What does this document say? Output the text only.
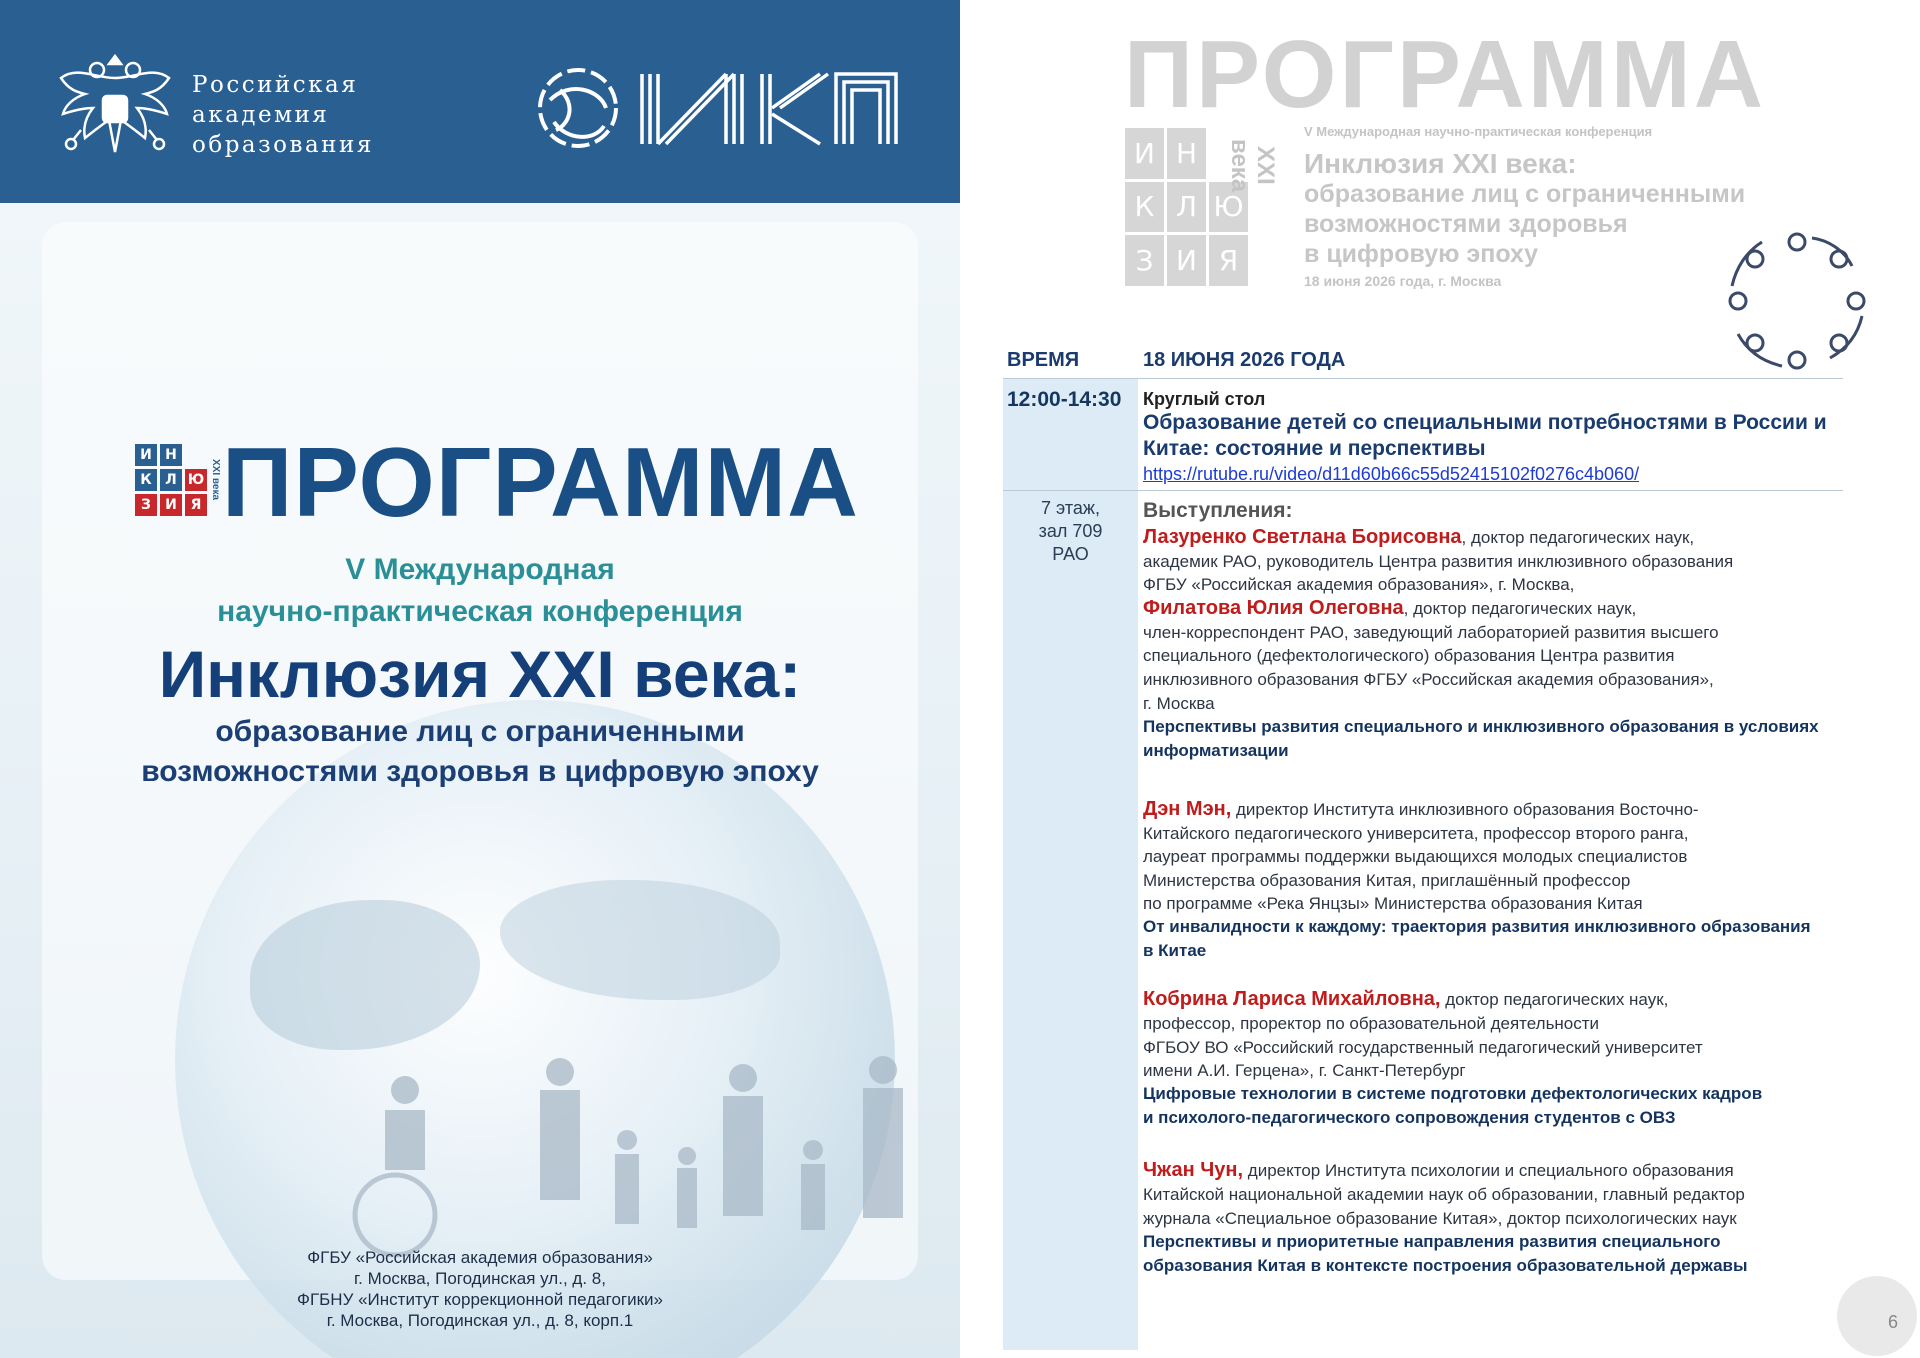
Российская
академия
образования
И Н
К Л Ю
З	И Я
XXI века ПРОГРАММА
V Международная
научно-практическая конференция
Инклюзия XXI века:
образование лиц с ограниченными
возможностями здоровья в цифровую эпоху
ФГБУ «Российская академия образования»
г. Москва, Погодинская ул., д. 8,
ФГБНУ «Институт коррекционной педагогики»
г. Москва, Погодинская ул., д. 8, корп.1
ПРОГРАММА
И Н
К Л Ю
З И Я
XXI века
V Международная научно-практическая конференция
Инклюзия XXI века:
образование лиц с ограниченными
возможностями здоровья
в цифровую эпоху
18 июня 2026 года, г. Москва
ВРЕМЯ	18 ИЮНЯ 2026 ГОДА
12:00-14:30
7 этаж,
зал 709
РАО
Круглый стол
Образование детей со специальными потребностями в России и
Китае: состояние и перспективы
https://rutube.ru/video/d11d60b66c55d52415102f0276c4b060/
Выступления:
Лазуренко Светлана Борисовна, доктор педагогических наук,
академик РАО, руководитель Центра развития инклюзивного образования
ФГБУ «Российская академия образования», г. Москва,
Филатова Юлия Олеговна, доктор педагогических наук,
член-корреспондент РАО, заведующий лабораторией развития высшего
специального (дефектологического) образования Центра развития
инклюзивного образования ФГБУ «Российская академия образования»,
г. Москва
Перспективы развития специального и инклюзивного образования в условиях
информатизации
Дэн Мэн, директор Института инклюзивного образования Восточно-
Китайского педагогического университета, профессор второго ранга,
лауреат программы поддержки выдающихся молодых специалистов
Министерства образования Китая, приглашённый профессор
по программе «Река Янцзы» Министерства образования Китая
От инвалидности к каждому: траектория развития инклюзивного образования
в Китае
Кобрина Лариса Михайловна, доктор педагогических наук,
профессор, проректор по образовательной деятельности
ФГБОУ ВО «Российский государственный педагогический университет
имени А.И. Герцена», г. Санкт-Петербург
Цифровые технологии в системе подготовки дефектологических кадров
и психолого-педагогического сопровождения студентов с ОВЗ
Чжан Чун, директор Института психологии и специального образования
Китайской национальной академии наук об образовании, главный редактор
журнала «Специальное образование Китая», доктор психологических наук
Перспективы и приоритетные направления развития специального
образования Китая в контексте построения образовательной державы
6
